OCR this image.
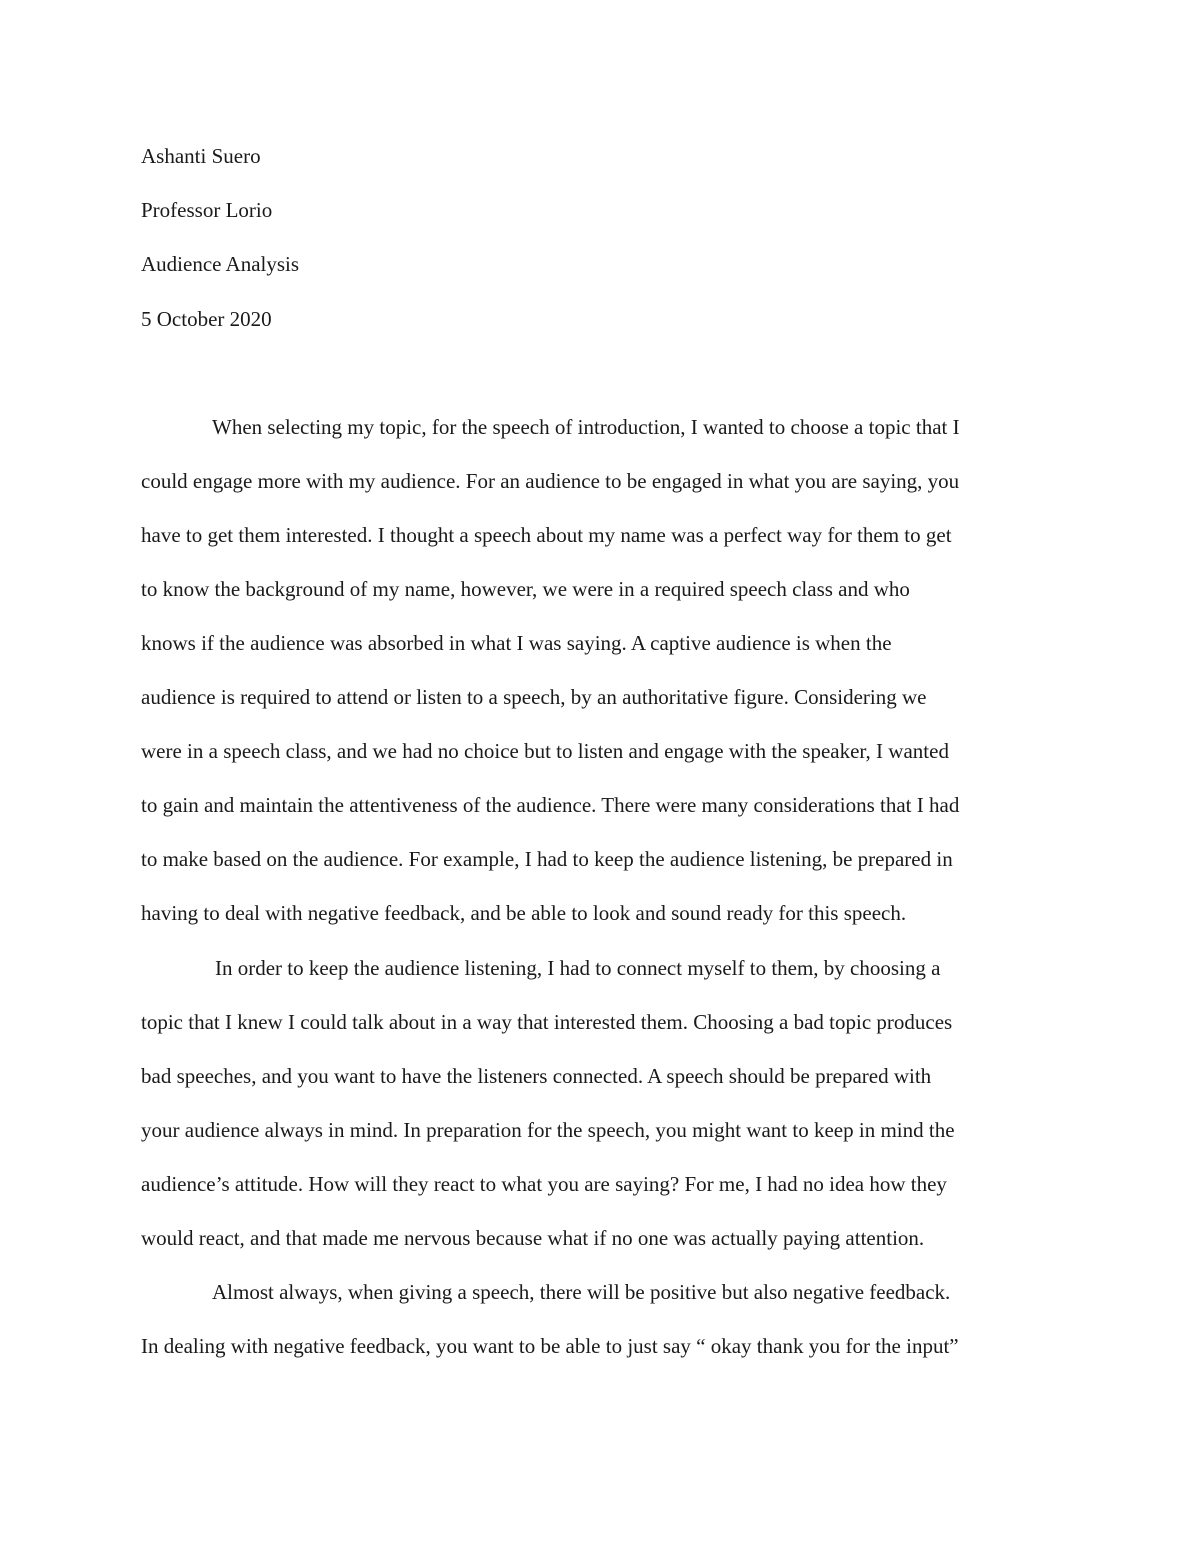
Ashanti Suero
Professor Lorio
Audience Analysis
5 October 2020
When selecting my topic, for the speech of introduction, I wanted to choose a topic that I
could engage more with my audience. For an audience to be engaged in what you are saying, you
have to get them interested. I thought a speech about my name was a perfect way for them to get
to know the background of my name, however, we were in a required speech class and who
knows if the audience was absorbed in what I was saying. A captive audience is when the
audience is required to attend or listen to a speech, by an authoritative figure. Considering we
were in a speech class, and we had no choice but to listen and engage with the speaker, I wanted
to gain and maintain the attentiveness of the audience. There were many considerations that I had
to make based on the audience. For example, I had to keep the audience listening, be prepared in
having to deal with negative feedback, and be able to look and sound ready for this speech.
In order to keep the audience listening, I had to connect myself to them, by choosing a
topic that I knew I could talk about in a way that interested them. Choosing a bad topic produces
bad speeches, and you want to have the listeners connected. A speech should be prepared with
your audience always in mind. In preparation for the speech, you might want to keep in mind the
audience’s attitude. How will they react to what you are saying? For me, I had no idea how they
would react, and that made me nervous because what if no one was actually paying attention.
Almost always, when giving a speech, there will be positive but also negative feedback.
In dealing with negative feedback, you want to be able to just say “ okay thank you for the input”
